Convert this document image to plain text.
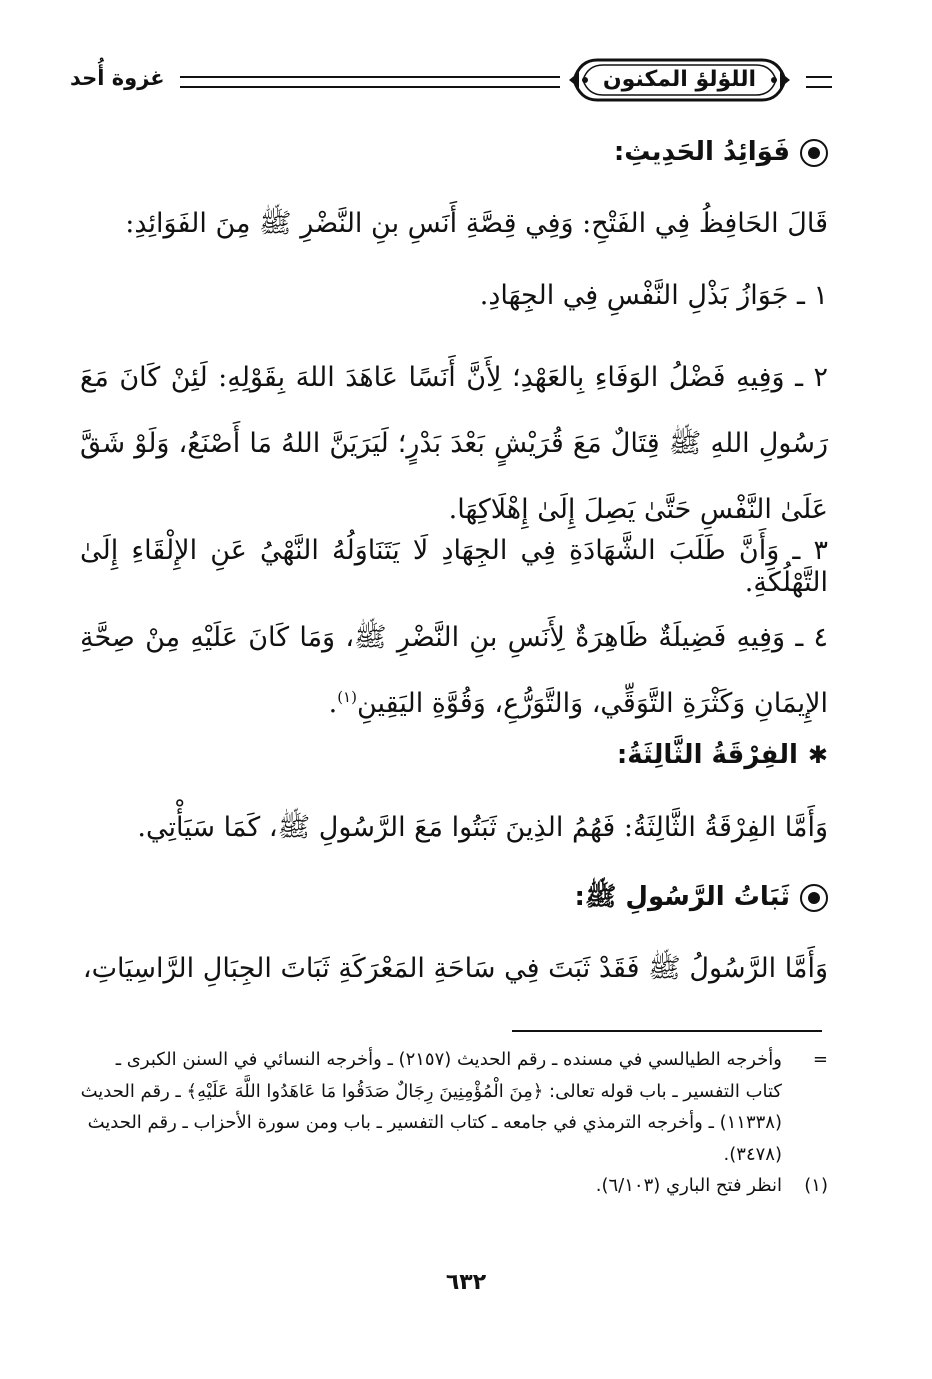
اللؤلؤ المكنون
غزوة أُحد
فَوَائِدُ الحَدِيثِ:
قَالَ الحَافِظُ فِي الفَتْحِ: وَفِي قِصَّةِ أَنَسِ بنِ النَّضْرِ ﷺ مِنَ الفَوَائِدِ:
١ ـ جَوَازُ بَذْلِ النَّفْسِ فِي الجِهَادِ.
٢ ـ وَفِيهِ فَضْلُ الوَفَاءِ بِالعَهْدِ؛ لِأَنَّ أَنَسًا عَاهَدَ اللهَ بِقَوْلِهِ: لَئِنْ كَانَ مَعَ رَسُولِ اللهِ ﷺ قِتَالٌ مَعَ قُرَيْشٍ بَعْدَ بَدْرٍ؛ لَيَرَيَنَّ اللهُ مَا أَصْنَعُ، وَلَوْ شَقَّ عَلَىٰ النَّفْسِ حَتَّىٰ يَصِلَ إِلَىٰ إِهْلَاكِهَا.
٣ ـ وَأَنَّ طَلَبَ الشَّهَادَةِ فِي الجِهَادِ لَا يَتَنَاوَلُهُ النَّهْيُ عَنِ الإِلْقَاءِ إِلَىٰ التَّهْلُكَةِ.
٤ ـ وَفِيهِ فَضِيلَةٌ ظَاهِرَةٌ لِأَنَسِ بنِ النَّضْرِ ﷺ، وَمَا كَانَ عَلَيْهِ مِنْ صِحَّةِ الإِيمَانِ وَكَثْرَةِ التَّوَقِّي، وَالتَّوَرُّعِ، وَقُوَّةِ اليَقِينِ$^{(١)}$.
✱
الفِرْقَةُ الثَّالِثَةُ:
وَأَمَّا الفِرْقَةُ الثَّالِثَةُ: فَهُمُ الذِينَ ثَبَتُوا مَعَ الرَّسُولِ ﷺ، كَمَا سَيَأْتِي.
ثَبَاتُ الرَّسُولِ ﷺ:
وَأَمَّا الرَّسُولُ ﷺ فَقَدْ ثَبَتَ فِي سَاحَةِ المَعْرَكَةِ ثَبَاتَ الجِبَالِ الرَّاسِيَاتِ،
=
وأخرجه الطيالسي في مسنده ـ رقم الحديث (٢١٥٧) ـ وأخرجه النسائي في السنن الكبرى ـ كتاب التفسير ـ باب قوله تعالى: ﴿مِنَ الْمُؤْمِنِينَ رِجَالٌ صَدَقُوا مَا عَاهَدُوا اللَّهَ عَلَيْهِ﴾ ـ رقم الحديث (١١٣٣٨) ـ وأخرجه الترمذي في جامعه ـ كتاب التفسير ـ باب ومن سورة الأحزاب ـ رقم الحديث (٣٤٧٨).
(١)
انظر فتح الباري (٦/١٠٣).
٦٣٢
